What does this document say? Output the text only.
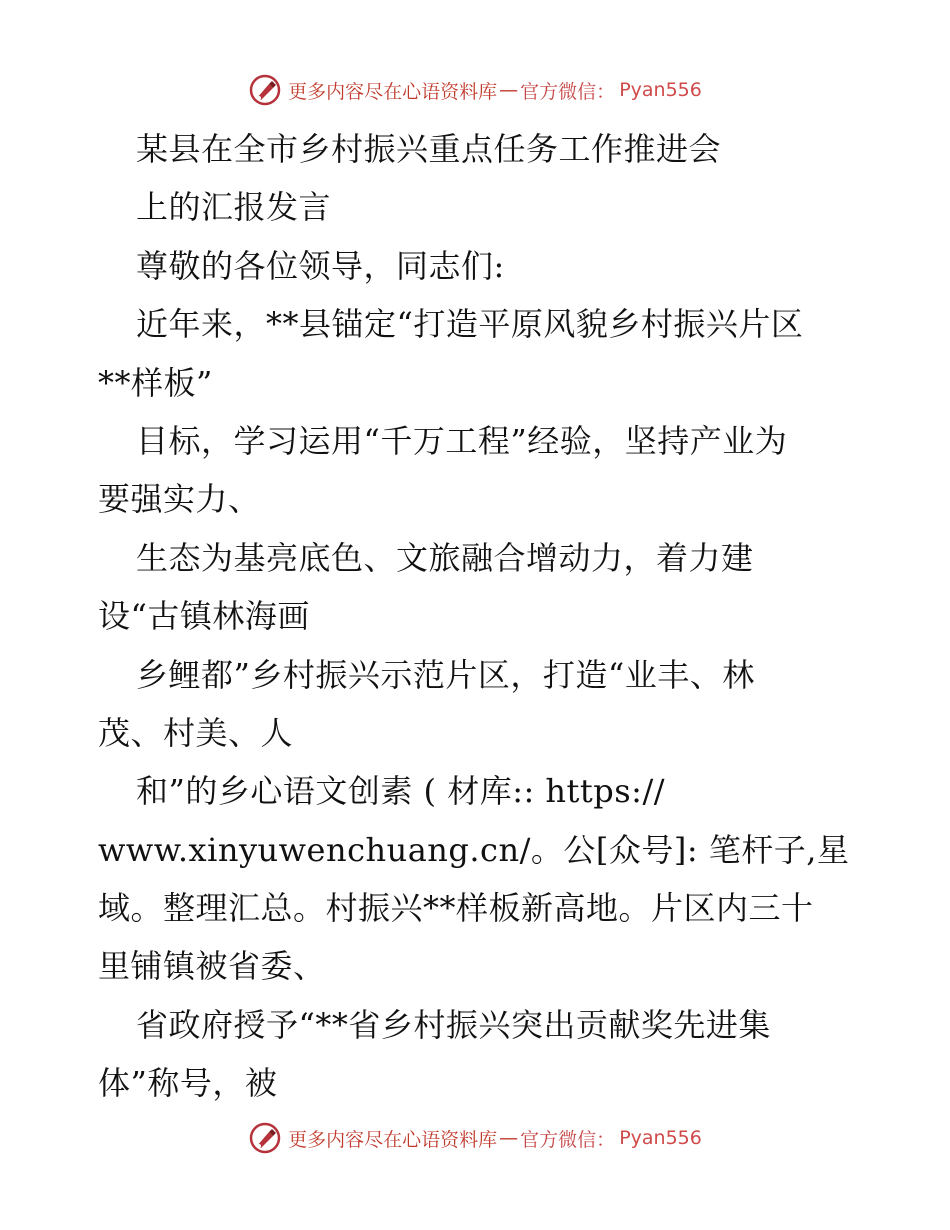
更多内容尽在心语资料库 — 官方微信： Pyan556
某县在全市乡村振兴重点任务工作推进会
上的汇报发言
尊敬的各位领导，同志们:
近年来，**县锚定“打造平原风貌乡村振兴片区
**样板”
目标，学习运用“千万工程”经验，坚持产业为
要强实力、
生态为基亮底色、文旅融合增动力，着力建
设“古镇林海画
乡鲤都”乡村振兴示范片区，打造“业丰、林
茂、村美、人
和”的乡心语文创素 ( 材库:: https://
www.xinyuwenchuang.cn/。公[众号]: 笔杆子,星
域。整理汇总。村振兴**样板新高地。片区内三十
里铺镇被省委、
省政府授予“**省乡村振兴突出贡献奖先进集
体”称号，被
更多内容尽在心语资料库 — 官方微信： Pyan556
